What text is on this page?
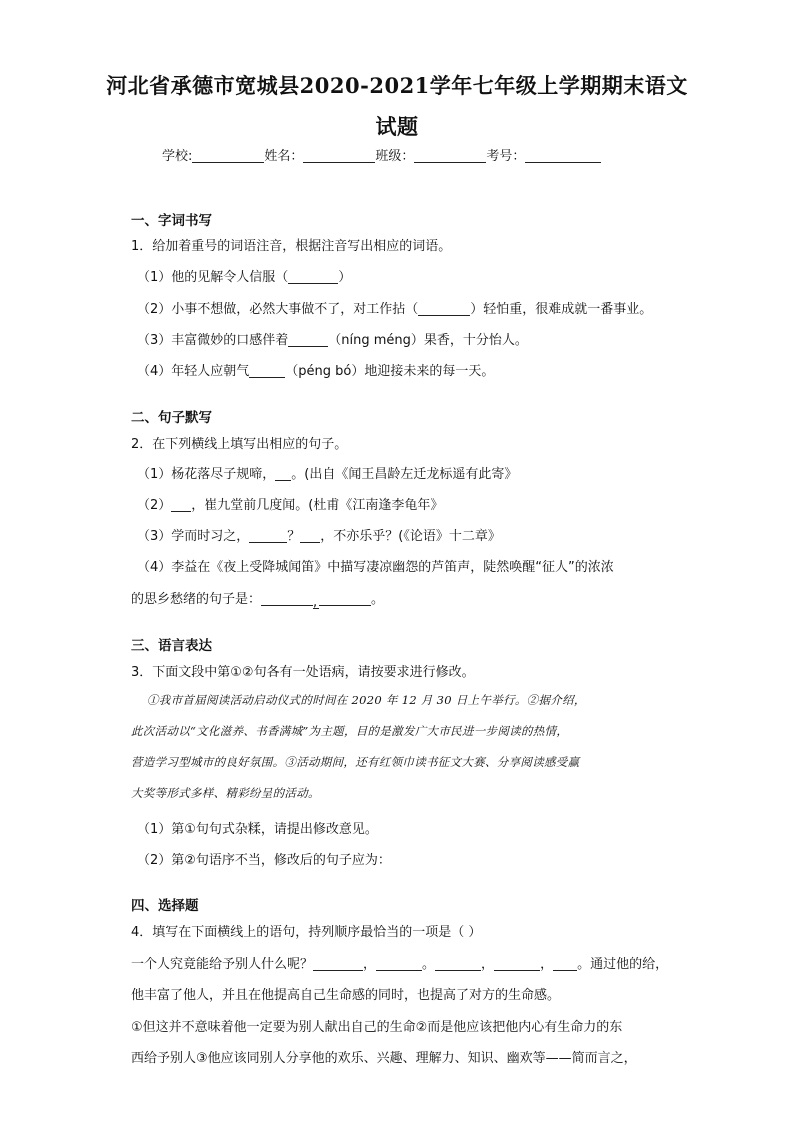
河北省承德市宽城县2020-2021学年七年级上学期期末语文
试题
学校:	姓名：	班级：	考号：
一、字词书写
1．给加着重号的词语注音，根据注音写出相应的词语。
（1）他的见解令人信服（	）
（2）小事不想做，必然大事做不了，对工作拈（	）轻怕重，很难成就一番事业。
（3）丰富微妙的口感伴着	（níng méng）果香，十分怡人。
（4）年轻人应朝气	（péng bó）地迎接未来的每一天。
二、句子默写
2．在下列横线上填写出相应的句子。
（1）杨花落尽子规啼， 。(出自《闻王昌龄左迁龙标遥有此寄》
（2） ，崔九堂前几度闻。(杜甫《江南逢李龟年》
（3）学而时习之，	？ ，不亦乐乎？(《论语》十二章》
（4）李益在《夜上受降城闻笛》中描写凄凉幽怨的芦笛声，陡然唤醒“征人”的浓浓
的思乡愁绪的句子是：	,	。
三、语言表达
3．下面文段中第①②句各有一处语病，请按要求进行修改。
①我市首届阅读活动启动仪式的时间在 2020 年 12 月 30 日上午举行。②据介绍，
此次活动以“文化滋养、书香满城”为主题，目的是激发广大市民进一步阅读的热情，
营造学习型城市的良好氛围。③活动期间，还有红领巾读书征文大赛、分享阅读感受赢
大奖等形式多样、精彩纷呈的活动。
（1）第①句句式杂糅，请提出修改意见。
（2）第②句语序不当，修改后的句子应为：
四、选择题
4．填写在下面横线上的语句，持列顺序最恰当的一项是（ ）
一个人究竟能给予别人什么呢？	，	。	，	， 。通过他的给，
他丰富了他人，并且在他提高自己生命感的同时，也提高了对方的生命感。
①但这并不意味着他一定要为别人献出自己的生命②而是他应该把他内心有生命力的东
西给予别人③他应该同别人分享他的欢乐、兴趣、理解力、知识、幽欢等——简而言之，
